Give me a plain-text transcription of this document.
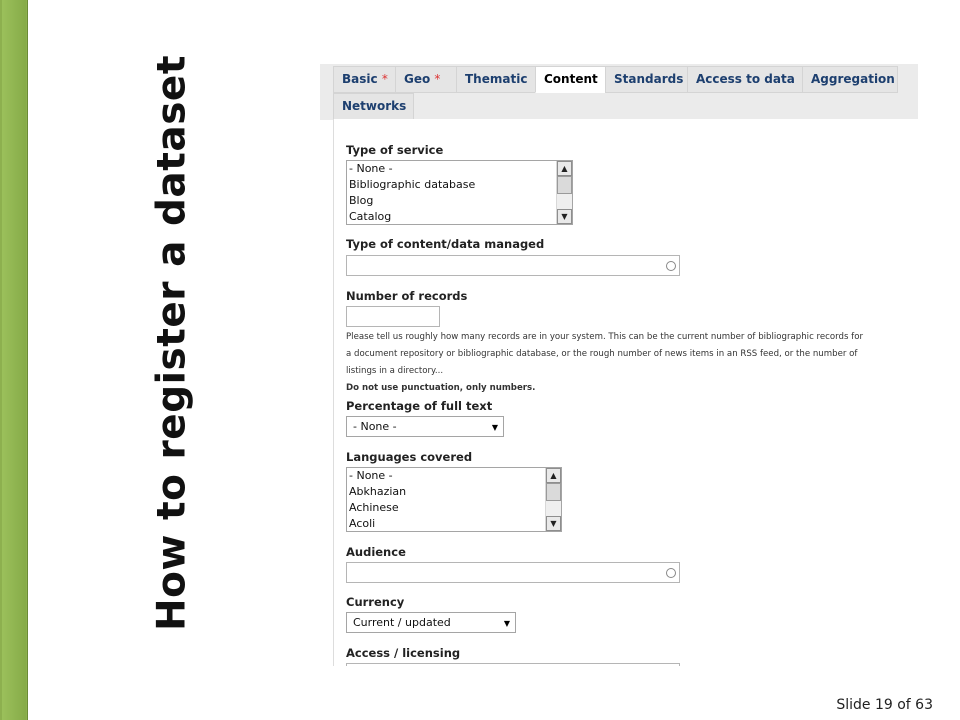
How to register a dataset
Slide 19 of 63
Basic *	Geo *	Thematic	Content	Standards	Access to data	Aggregation
Networks
Type of service
- None -
Bibliographic database
Blog
Catalog
▲
▼
Type of content/data managed
Number of records
Please tell us roughly how many records are in your system. This can be the current number of bibliographic records for
a document repository or bibliographic database, or the rough number of news items in an RSS feed, or the number of
listings in a directory...
Do not use punctuation, only numbers.
Percentage of full text
- None -	▼
Languages covered
- None -
Abkhazian
Achinese
Acoli
▲
▼
Audience
Currency
Current / updated	▼
Access / licensing
